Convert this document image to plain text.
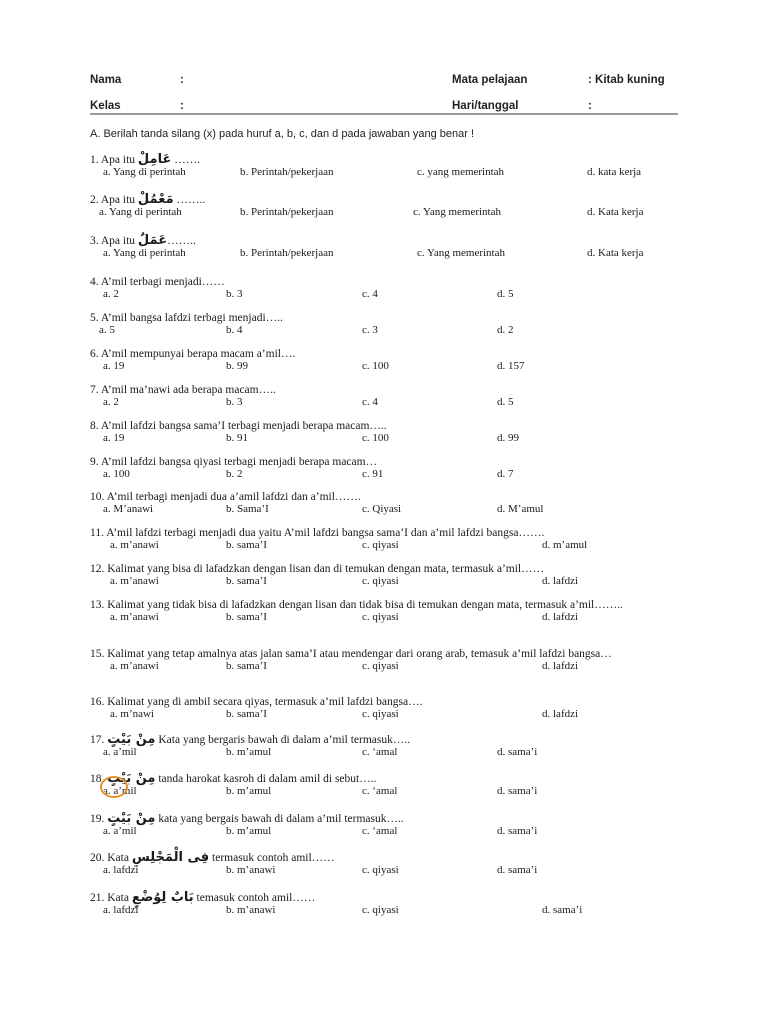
Nama	:	Mata pelajaan	: Kitab kuning
Kelas	:	Hari/tanggal	:
A. Berilah tanda silang (x) pada huruf a, b, c, dan d pada jawaban yang benar !
1. Apa itu عَامِلْ …….
a. Yang di perintah	b. Perintah/pekerjaan	c. yang memerintah	d. kata kerja
2. Apa itu مَعْمُلْ ……..
a. Yang di perintah	b. Perintah/pekerjaan	c. Yang memerintah	d. Kata kerja
3. Apa itu عَمَلٌ……..
a. Yang di perintah	b. Perintah/pekerjaan	c. Yang memerintah	d. Kata kerja
4. A’mil terbagi menjadi……
a. 2	b. 3	c. 4	d. 5
5. A’mil bangsa lafdzi terbagi menjadi…..
a. 5	b. 4	c. 3	d. 2
6. A’mil mempunyai berapa macam a’mil….
a. 19	b. 99	c. 100	d. 157
7. A’mil ma’nawi ada berapa macam…..
a. 2	b. 3	c. 4	d. 5
8. A’mil lafdzi bangsa sama’I terbagi menjadi berapa macam…..
a. 19	b. 91	c. 100	d. 99
9. A’mil lafdzi bangsa qiyasi terbagi menjadi berapa macam…
a. 100	b. 2	c. 91	d. 7
10. A’mil terbagi menjadi dua a’amil lafdzi dan a’mil…….
a. M’anawi	b. Sama’I	c. Qiyasi	d. M’amul
11. A’mil lafdzi terbagi menjadi dua yaitu A’mil lafdzi bangsa sama’I dan a’mil lafdzi bangsa…….
a. m’anawi	b. sama’I	c. qiyasi	d. m’amul
12. Kalimat yang bisa di lafadzkan dengan lisan dan di temukan dengan mata, termasuk a’mil……
a. m’anawi	b. sama’I	c. qiyasi	d. lafdzi
13. Kalimat yang tidak bisa di lafadzkan dengan lisan dan tidak bisa di temukan dengan mata, termasuk a’mil……..
a. m’anawi	b. sama’I	c. qiyasi	d. lafdzi
15. Kalimat yang tetap amalnya atas jalan sama’I atau mendengar dari orang arab, temasuk a’mil lafdzi bangsa…
a. m’anawi	b. sama’I	c. qiyasi	d. lafdzi
16. Kalimat yang di ambil secara qiyas, termasuk a’mil lafdzi bangsa….
a. m’nawi	b. sama’I	c. qiyasi	d. lafdzi
17. مِنْ بَيْتٍ Kata yang bergaris bawah di dalam a’mil termasuk…..
a. a’mil	b. m’amul	c. ‘amal	d. sama’i
18. مِنْ بَيْتٍ tanda harokat kasroh di dalam amil di sebut…..
a. a’mil	b. m’amul	c. ‘amal	d. sama’i
19. مِنْ بَيْتٍ kata yang bergais bawah di dalam a’mil termasuk…..
a. a’mil	b. m’amul	c. ‘amal	d. sama’i
20. Kata فِى الْمَجْلِسِ termasuk contoh amil……
a. lafdzi	b. m’anawi	c. qiyasi	d. sama’i
21. Kata بَابٌ لِوُضْعٍ temasuk contoh amil……
a. lafdzi	b. m’anawi	c. qiyasi	d. sama’i
